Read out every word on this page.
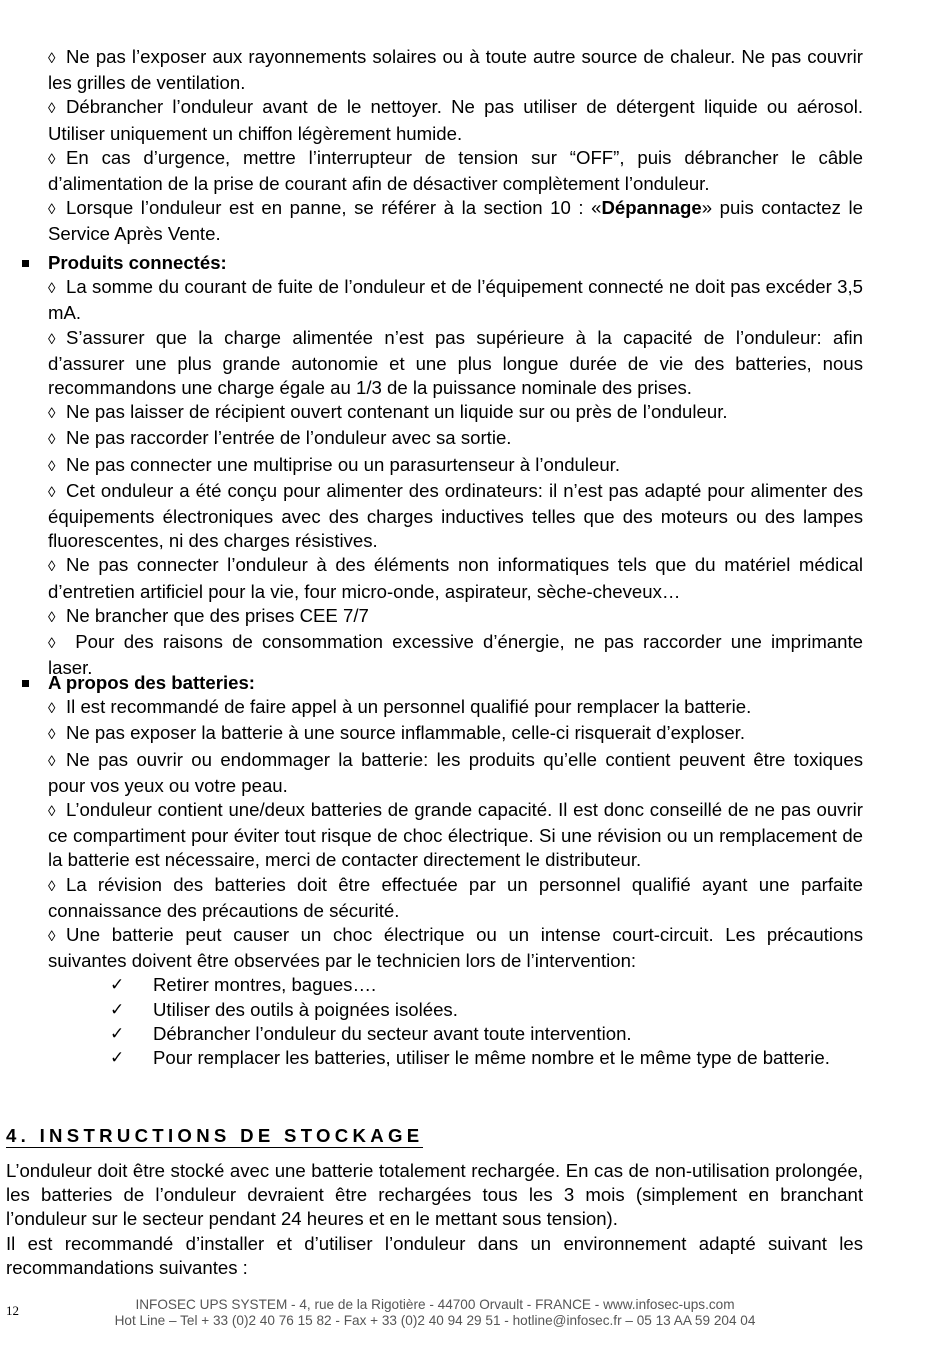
◊ Ne pas l’exposer aux rayonnements solaires ou à toute autre source de chaleur. Ne pas couvrir les grilles de ventilation.

◊ Débrancher l’onduleur avant de le nettoyer. Ne pas utiliser de détergent liquide ou aérosol. Utiliser uniquement un chiffon légèrement humide.

◊ En cas d’urgence, mettre l’interrupteur de tension sur “OFF”, puis débrancher le câble d’alimentation de la prise de courant afin de désactiver complètement l’onduleur.

◊ Lorsque l’onduleur est en panne, se référer à la section 10 : «Dépannage» puis contactez le Service Après Vente.

Produits connectés:

◊ La somme du courant de fuite de l’onduleur et de l’équipement connecté ne doit pas excéder 3,5 mA.

◊ S’assurer que la charge alimentée n’est pas supérieure à la capacité de l’onduleur: afin d’assurer une plus grande autonomie et une plus longue durée de vie des batteries, nous recommandons une charge égale au 1/3 de la puissance nominale des prises.

◊ Ne pas laisser de récipient ouvert contenant un liquide sur ou près de l’onduleur.

◊ Ne pas raccorder l’entrée de l’onduleur avec sa sortie.

◊ Ne pas connecter une multiprise ou un parasurtenseur à l’onduleur.

◊ Cet onduleur a été conçu pour alimenter des ordinateurs: il n’est pas adapté pour alimenter des équipements électroniques avec des charges inductives telles que des moteurs ou des lampes fluorescentes, ni des charges résistives.

◊ Ne pas connecter l’onduleur à des éléments non informatiques tels que du matériel médical d’entretien artificiel pour la vie, four micro-onde, aspirateur, sèche-cheveux…

◊ Ne brancher que des prises CEE 7/7

◊ Pour des raisons de consommation excessive d’énergie, ne pas raccorder une imprimante laser.

A propos des batteries:

◊ Il est recommandé de faire appel à un personnel qualifié pour remplacer la batterie.

◊ Ne pas exposer la batterie à une source inflammable, celle-ci risquerait d’exploser.

◊ Ne pas ouvrir ou endommager la batterie: les produits qu’elle contient peuvent être toxiques pour vos yeux ou votre peau.

◊ L’onduleur contient une/deux batteries de grande capacité. Il est donc conseillé de ne pas ouvrir ce compartiment pour éviter tout risque de choc électrique. Si une révision ou un remplacement de la batterie est nécessaire, merci de contacter directement le distributeur.

◊ La révision des batteries doit être effectuée par un personnel qualifié ayant une parfaite connaissance des précautions de sécurité.

◊ Une batterie peut causer un choc électrique ou un intense court-circuit. Les précautions suivantes doivent être observées par le technicien lors de l’intervention:

✓ Retirer montres, bagues….
✓ Utiliser des outils à poignées isolées.
✓ Débrancher l’onduleur du secteur avant toute intervention.
✓ Pour remplacer les batteries, utiliser le même nombre et le même type de batterie.
4. INSTRUCTIONS DE STOCKAGE

L’onduleur doit être stocké avec une batterie totalement rechargée. En cas de non-utilisation prolongée, les batteries de l’onduleur devraient être rechargées tous les 3 mois (simplement en branchant l’onduleur sur le secteur pendant 24 heures et en le mettant sous tension).

Il est recommandé d’installer et d’utiliser l’onduleur dans un environnement adapté suivant les recommandations suivantes :

12	INFOSEC UPS SYSTEM - 4, rue de la Rigotière - 44700 Orvault - FRANCE - www.infosec-ups.com
Hot Line – Tel + 33 (0)2 40 76 15 82 - Fax + 33 (0)2 40 94 29 51 - hotline@infosec.fr – 05 13 AA 59 204 04
